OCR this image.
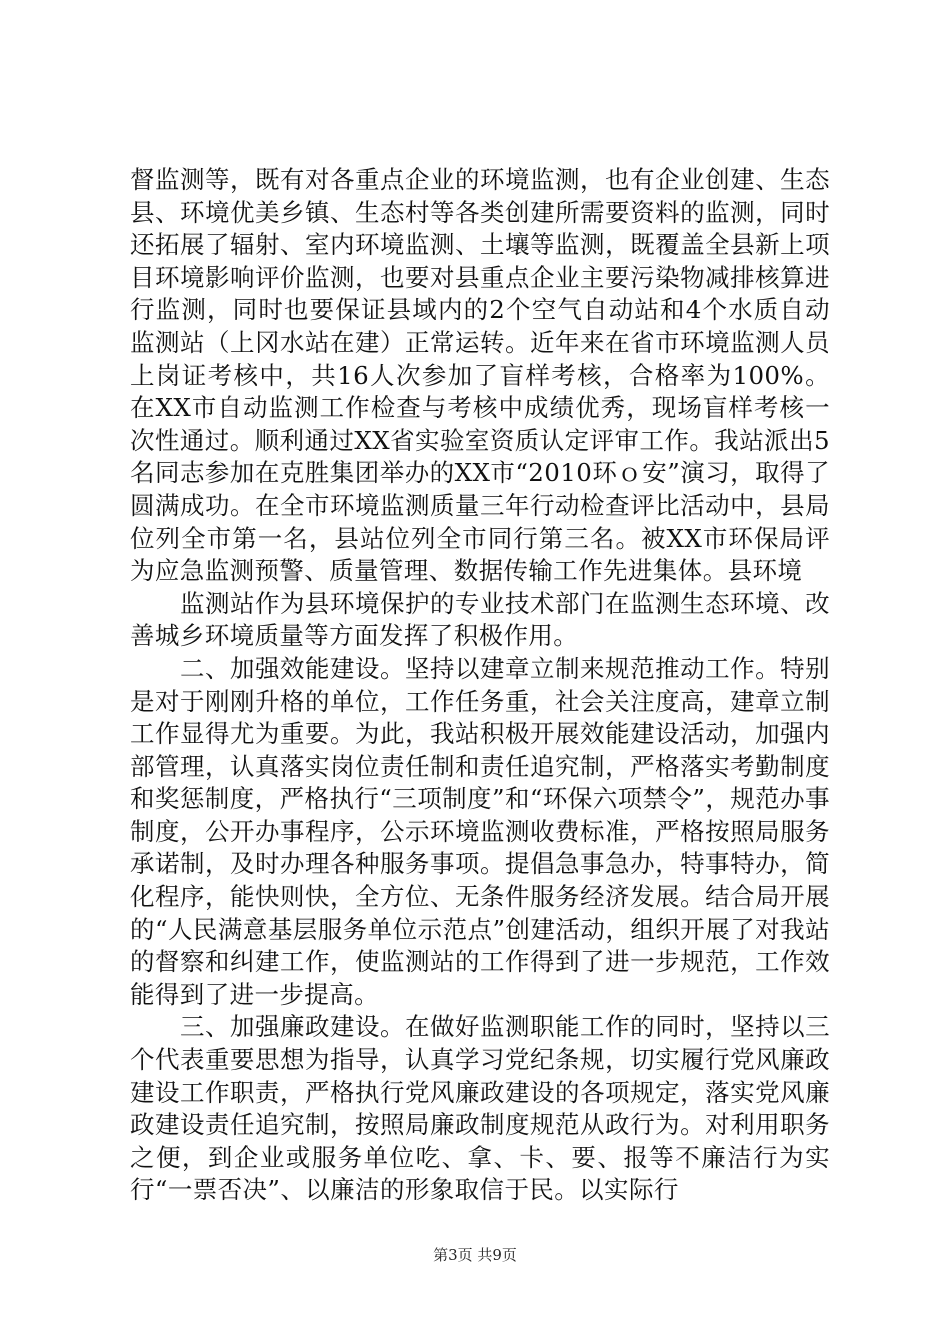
督监测等，既有对各重点企业的环境监测，也有企业创建、生态县、环境优美乡镇、生态村等各类创建所需要资料的监测，同时还拓展了辐射、室内环境监测、土壤等监测，既覆盖全县新上项目环境影响评价监测，也要对县重点企业主要污染物减排核算进行监测，同时也要保证县域内的2个空气自动站和4个水质自动监测站（上冈水站在建）正常运转。近年来在省市环境监测人员上岗证考核中，共16人次参加了盲样考核，合格率为100%。在XX市自动监测工作检查与考核中成绩优秀，现场盲样考核一次性通过。顺利通过XX省实验室资质认定评审工作。我站派出5名同志参加在克胜集团举办的XX市“2010环ｏ安”演习，取得了圆满成功。在全市环境监测质量三年行动检查评比活动中，县局位列全市第一名，县站位列全市同行第三名。被XX市环保局评为应急监测预警、质量管理、数据传输工作先进集体。县环境

监测站作为县环境保护的专业技术部门在监测生态环境、改善城乡环境质量等方面发挥了积极作用。

二、加强效能建设。坚持以建章立制来规范推动工作。特别是对于刚刚升格的单位，工作任务重，社会关注度高，建章立制工作显得尤为重要。为此，我站积极开展效能建设活动，加强内部管理，认真落实岗位责任制和责任追究制，严格落实考勤制度和奖惩制度，严格执行“三项制度”和“环保六项禁令”，规范办事制度，公开办事程序，公示环境监测收费标准，严格按照局服务承诺制，及时办理各种服务事项。提倡急事急办，特事特办，简化程序，能快则快，全方位、无条件服务经济发展。结合局开展的“人民满意基层服务单位示范点”创建活动，组织开展了对我站的督察和纠建工作，使监测站的工作得到了进一步规范，工作效能得到了进一步提高。

三、加强廉政建设。在做好监测职能工作的同时，坚持以三个代表重要思想为指导，认真学习党纪条规，切实履行党风廉政建设工作职责，严格执行党风廉政建设的各项规定，落实党风廉政建设责任追究制，按照局廉政制度规范从政行为。对利用职务之便，到企业或服务单位吃、拿、卡、要、报等不廉洁行为实行“一票否决”、以廉洁的形象取信于民。以实际行

第3页 共9页
